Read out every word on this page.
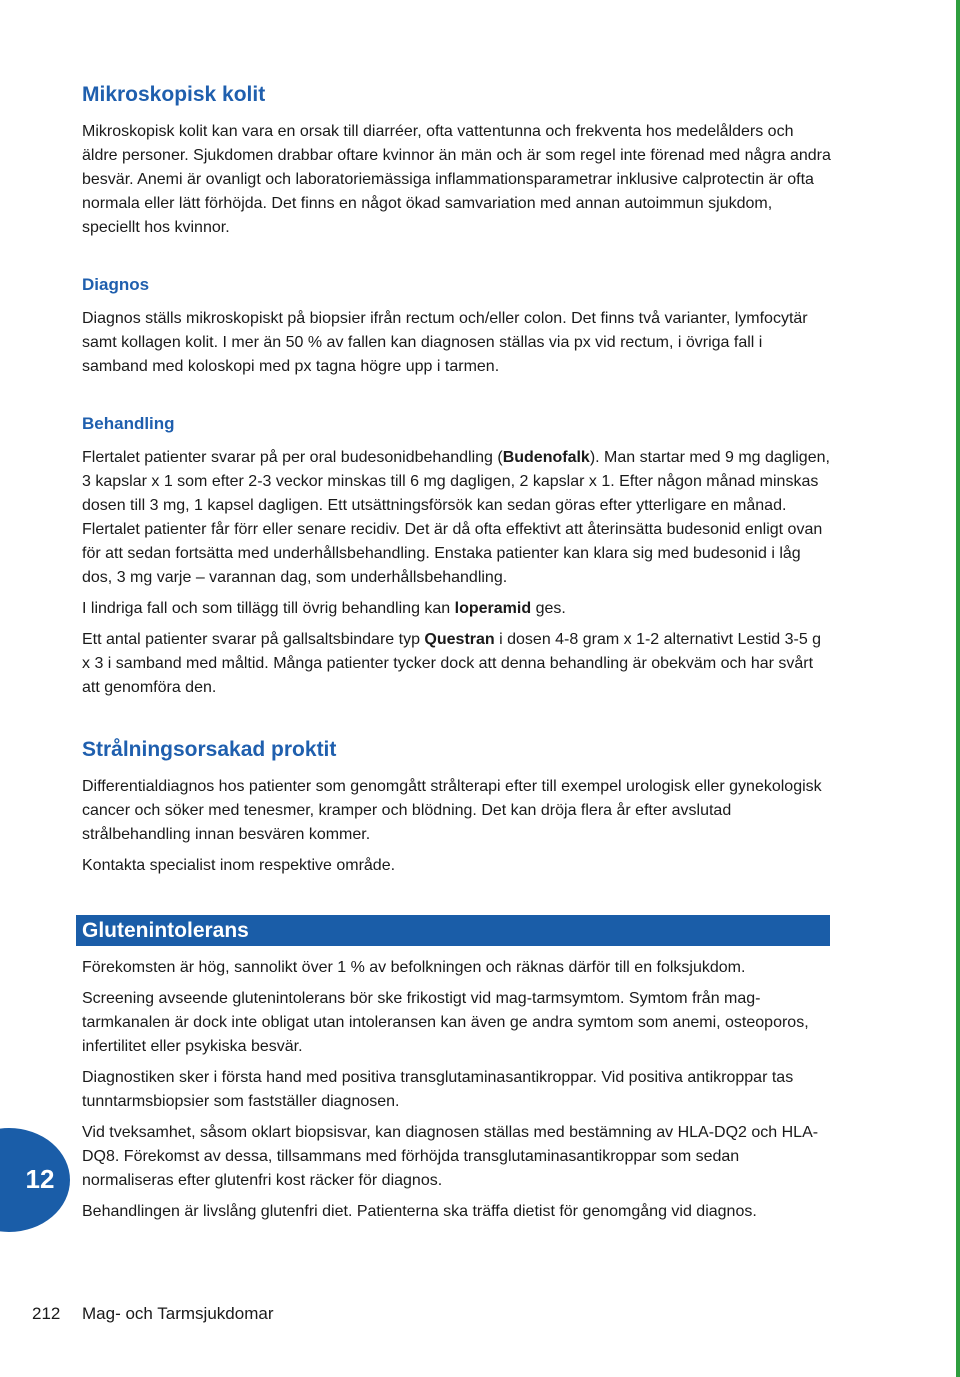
Mikroskopisk kolit

Mikroskopisk kolit kan vara en orsak till diarréer, ofta vattentunna och frekventa hos medelålders och äldre personer. Sjukdomen drabbar oftare kvinnor än män och är som regel inte förenad med några andra besvär. Anemi är ovanligt och laboratoriemässiga inflammationsparametrar inklusive calprotectin är ofta normala eller lätt förhöjda. Det finns en något ökad samvariation med annan autoimmun sjukdom, speciellt hos kvinnor.

Diagnos

Diagnos ställs mikroskopiskt på biopsier ifrån rectum och/eller colon. Det finns två varianter, lymfocytär samt kollagen kolit. I mer än 50 % av fallen kan diagnosen ställas via px vid rectum, i övriga fall i samband med koloskopi med px tagna högre upp i tarmen.

Behandling

Flertalet patienter svarar på per oral budesonidbehandling (Budenofalk). Man startar med 9 mg dagligen, 3 kapslar x 1 som efter 2-3 veckor minskas till 6 mg dagligen, 2 kapslar x 1. Efter någon månad minskas dosen till 3 mg, 1 kapsel dagligen. Ett utsättningsförsök kan sedan göras efter ytterligare en månad. Flertalet patienter får förr eller senare recidiv. Det är då ofta effektivt att återinsätta budesonid enligt ovan för att sedan fortsätta med underhållsbehandling. Enstaka patienter kan klara sig med budesonid i låg dos, 3 mg varje – varannan dag, som underhållsbehandling.

I lindriga fall och som tillägg till övrig behandling kan loperamid ges.

Ett antal patienter svarar på gallsaltsbindare typ Questran i dosen 4-8 gram x 1-2 alternativt Lestid 3-5 g x 3 i samband med måltid. Många patienter tycker dock att denna behandling är obekväm och har svårt att genomföra den.

Strålningsorsakad proktit

Differentialdiagnos hos patienter som genomgått strålterapi efter till exempel urologisk eller gynekologisk cancer och söker med tenesmer, kramper och blödning. Det kan dröja flera år efter avslutad strålbehandling innan besvären kommer.

Kontakta specialist inom respektive område.

Glutenintolerans

Förekomsten är hög, sannolikt över 1 % av befolkningen och räknas därför till en folksjukdom.

Screening avseende glutenintolerans bör ske frikostigt vid mag-tarmsymtom. Symtom från mag-tarmkanalen är dock inte obligat utan intoleransen kan även ge andra symtom som anemi, osteoporos, infertilitet eller psykiska besvär.

Diagnostiken sker i första hand med positiva transglutaminasantikroppar. Vid positiva antikroppar tas tunntarmsbiopsier som fastställer diagnosen.

Vid tveksamhet, såsom oklart biopsisvar, kan diagnosen ställas med bestämning av HLA-DQ2 och HLA-DQ8. Förekomst av dessa, tillsammans med förhöjda transglutaminasantikroppar som sedan normaliseras efter glutenfri kost räcker för diagnos.

Behandlingen är livslång glutenfri diet. Patienterna ska träffa dietist för genomgång vid diagnos.

12
212 Mag- och Tarmsjukdomar
